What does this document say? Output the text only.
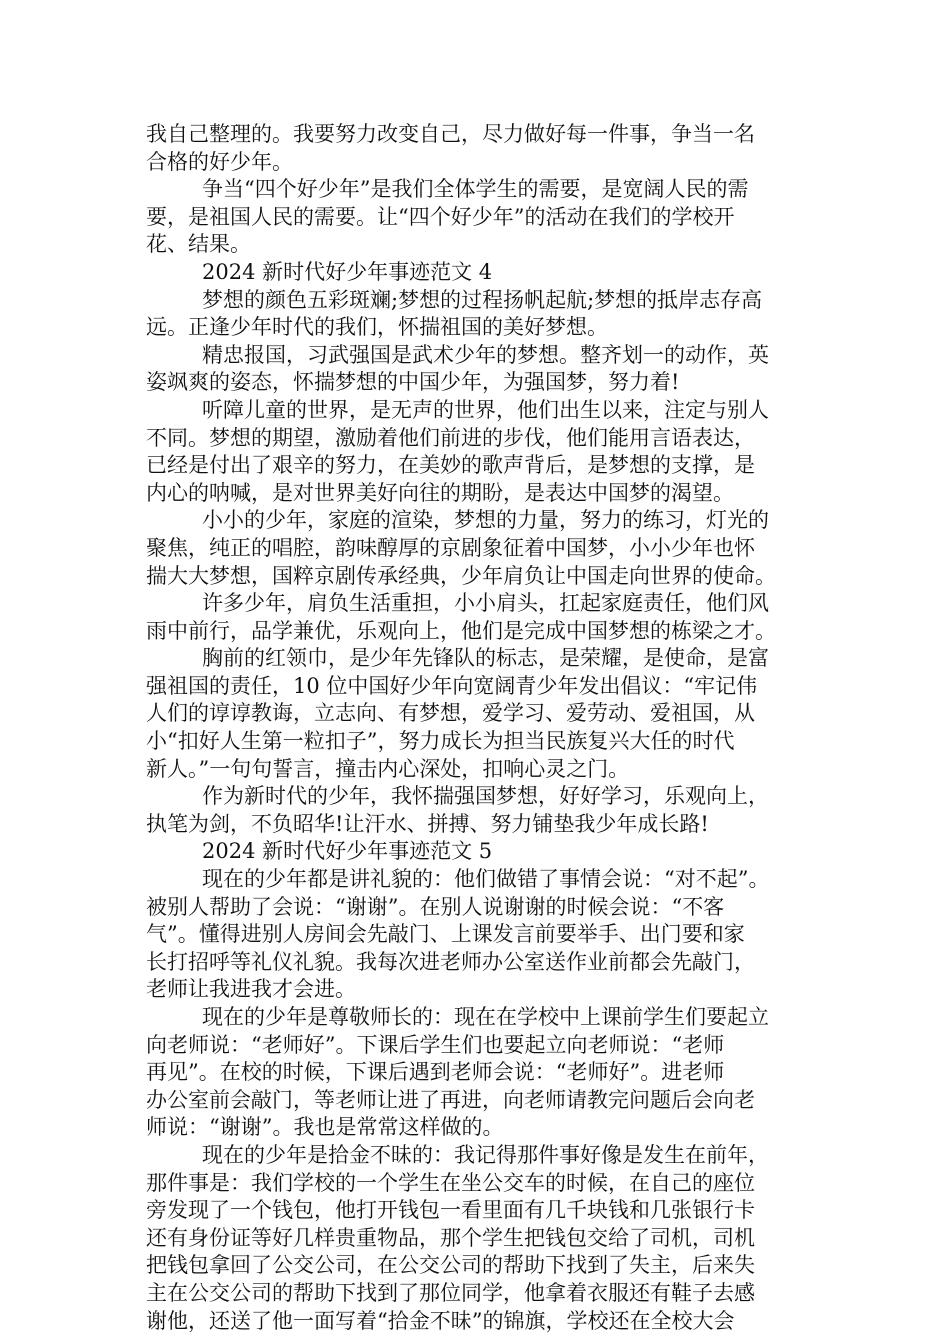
我自己整理的。我要努力改变自己，尽力做好每一件事，争当一名
合格的好少年。
争当“四个好少年”是我们全体学生的需要，是宽阔人民的需
要，是祖国人民的需要。让“四个好少年”的活动在我们的学校开
花、结果。
2024 新时代好少年事迹范文 4
梦想的颜色五彩斑斓;梦想的过程扬帆起航;梦想的抵岸志存高
远。正逢少年时代的我们，怀揣祖国的美好梦想。
精忠报国，习武强国是武术少年的梦想。整齐划一的动作，英
姿飒爽的姿态，怀揣梦想的中国少年，为强国梦，努力着!
听障儿童的世界，是无声的世界，他们出生以来，注定与别人
不同。梦想的期望，激励着他们前进的步伐，他们能用言语表达，
已经是付出了艰辛的努力，在美妙的歌声背后，是梦想的支撑，是
内心的呐喊，是对世界美好向往的期盼，是表达中国梦的渴望。
小小的少年，家庭的渲染，梦想的力量，努力的练习，灯光的
聚焦，纯正的唱腔，韵味醇厚的京剧象征着中国梦，小小少年也怀
揣大大梦想，国粹京剧传承经典，少年肩负让中国走向世界的使命。
许多少年，肩负生活重担，小小肩头，扛起家庭责任，他们风
雨中前行，品学兼优，乐观向上，他们是完成中国梦想的栋梁之才。
胸前的红领巾，是少年先锋队的标志，是荣耀，是使命，是富
强祖国的责任，10 位中国好少年向宽阔青少年发出倡议：“牢记伟
人们的谆谆教诲，立志向、有梦想，爱学习、爱劳动、爱祖国，从
小“扣好人生第一粒扣子”，努力成长为担当民族复兴大任的时代
新人。”一句句誓言，撞击内心深处，扣响心灵之门。
作为新时代的少年，我怀揣强国梦想，好好学习，乐观向上，
执笔为剑，不负昭华!让汗水、拼搏、努力铺垫我少年成长路!
2024 新时代好少年事迹范文 5
现在的少年都是讲礼貌的：他们做错了事情会说：“对不起”。
被别人帮助了会说：“谢谢”。在别人说谢谢的时候会说：“不客
气”。懂得进别人房间会先敲门、上课发言前要举手、出门要和家
长打招呼等礼仪礼貌。我每次进老师办公室送作业前都会先敲门，
老师让我进我才会进。
现在的少年是尊敬师长的：现在在学校中上课前学生们要起立
向老师说：“老师好”。下课后学生们也要起立向老师说：“老师
再见”。在校的时候，下课后遇到老师会说：“老师好”。进老师
办公室前会敲门，等老师让进了再进，向老师请教完问题后会向老
师说：“谢谢”。我也是常常这样做的。
现在的少年是拾金不昧的：我记得那件事好像是发生在前年，
那件事是：我们学校的一个学生在坐公交车的时候，在自己的座位
旁发现了一个钱包，他打开钱包一看里面有几千块钱和几张银行卡
还有身份证等好几样贵重物品，那个学生把钱包交给了司机，司机
把钱包拿回了公交公司，在公交公司的帮助下找到了失主，后来失
主在公交公司的帮助下找到了那位同学，他拿着衣服还有鞋子去感
谢他，还送了他一面写着“拾金不昧”的锦旗，学校还在全校大会
